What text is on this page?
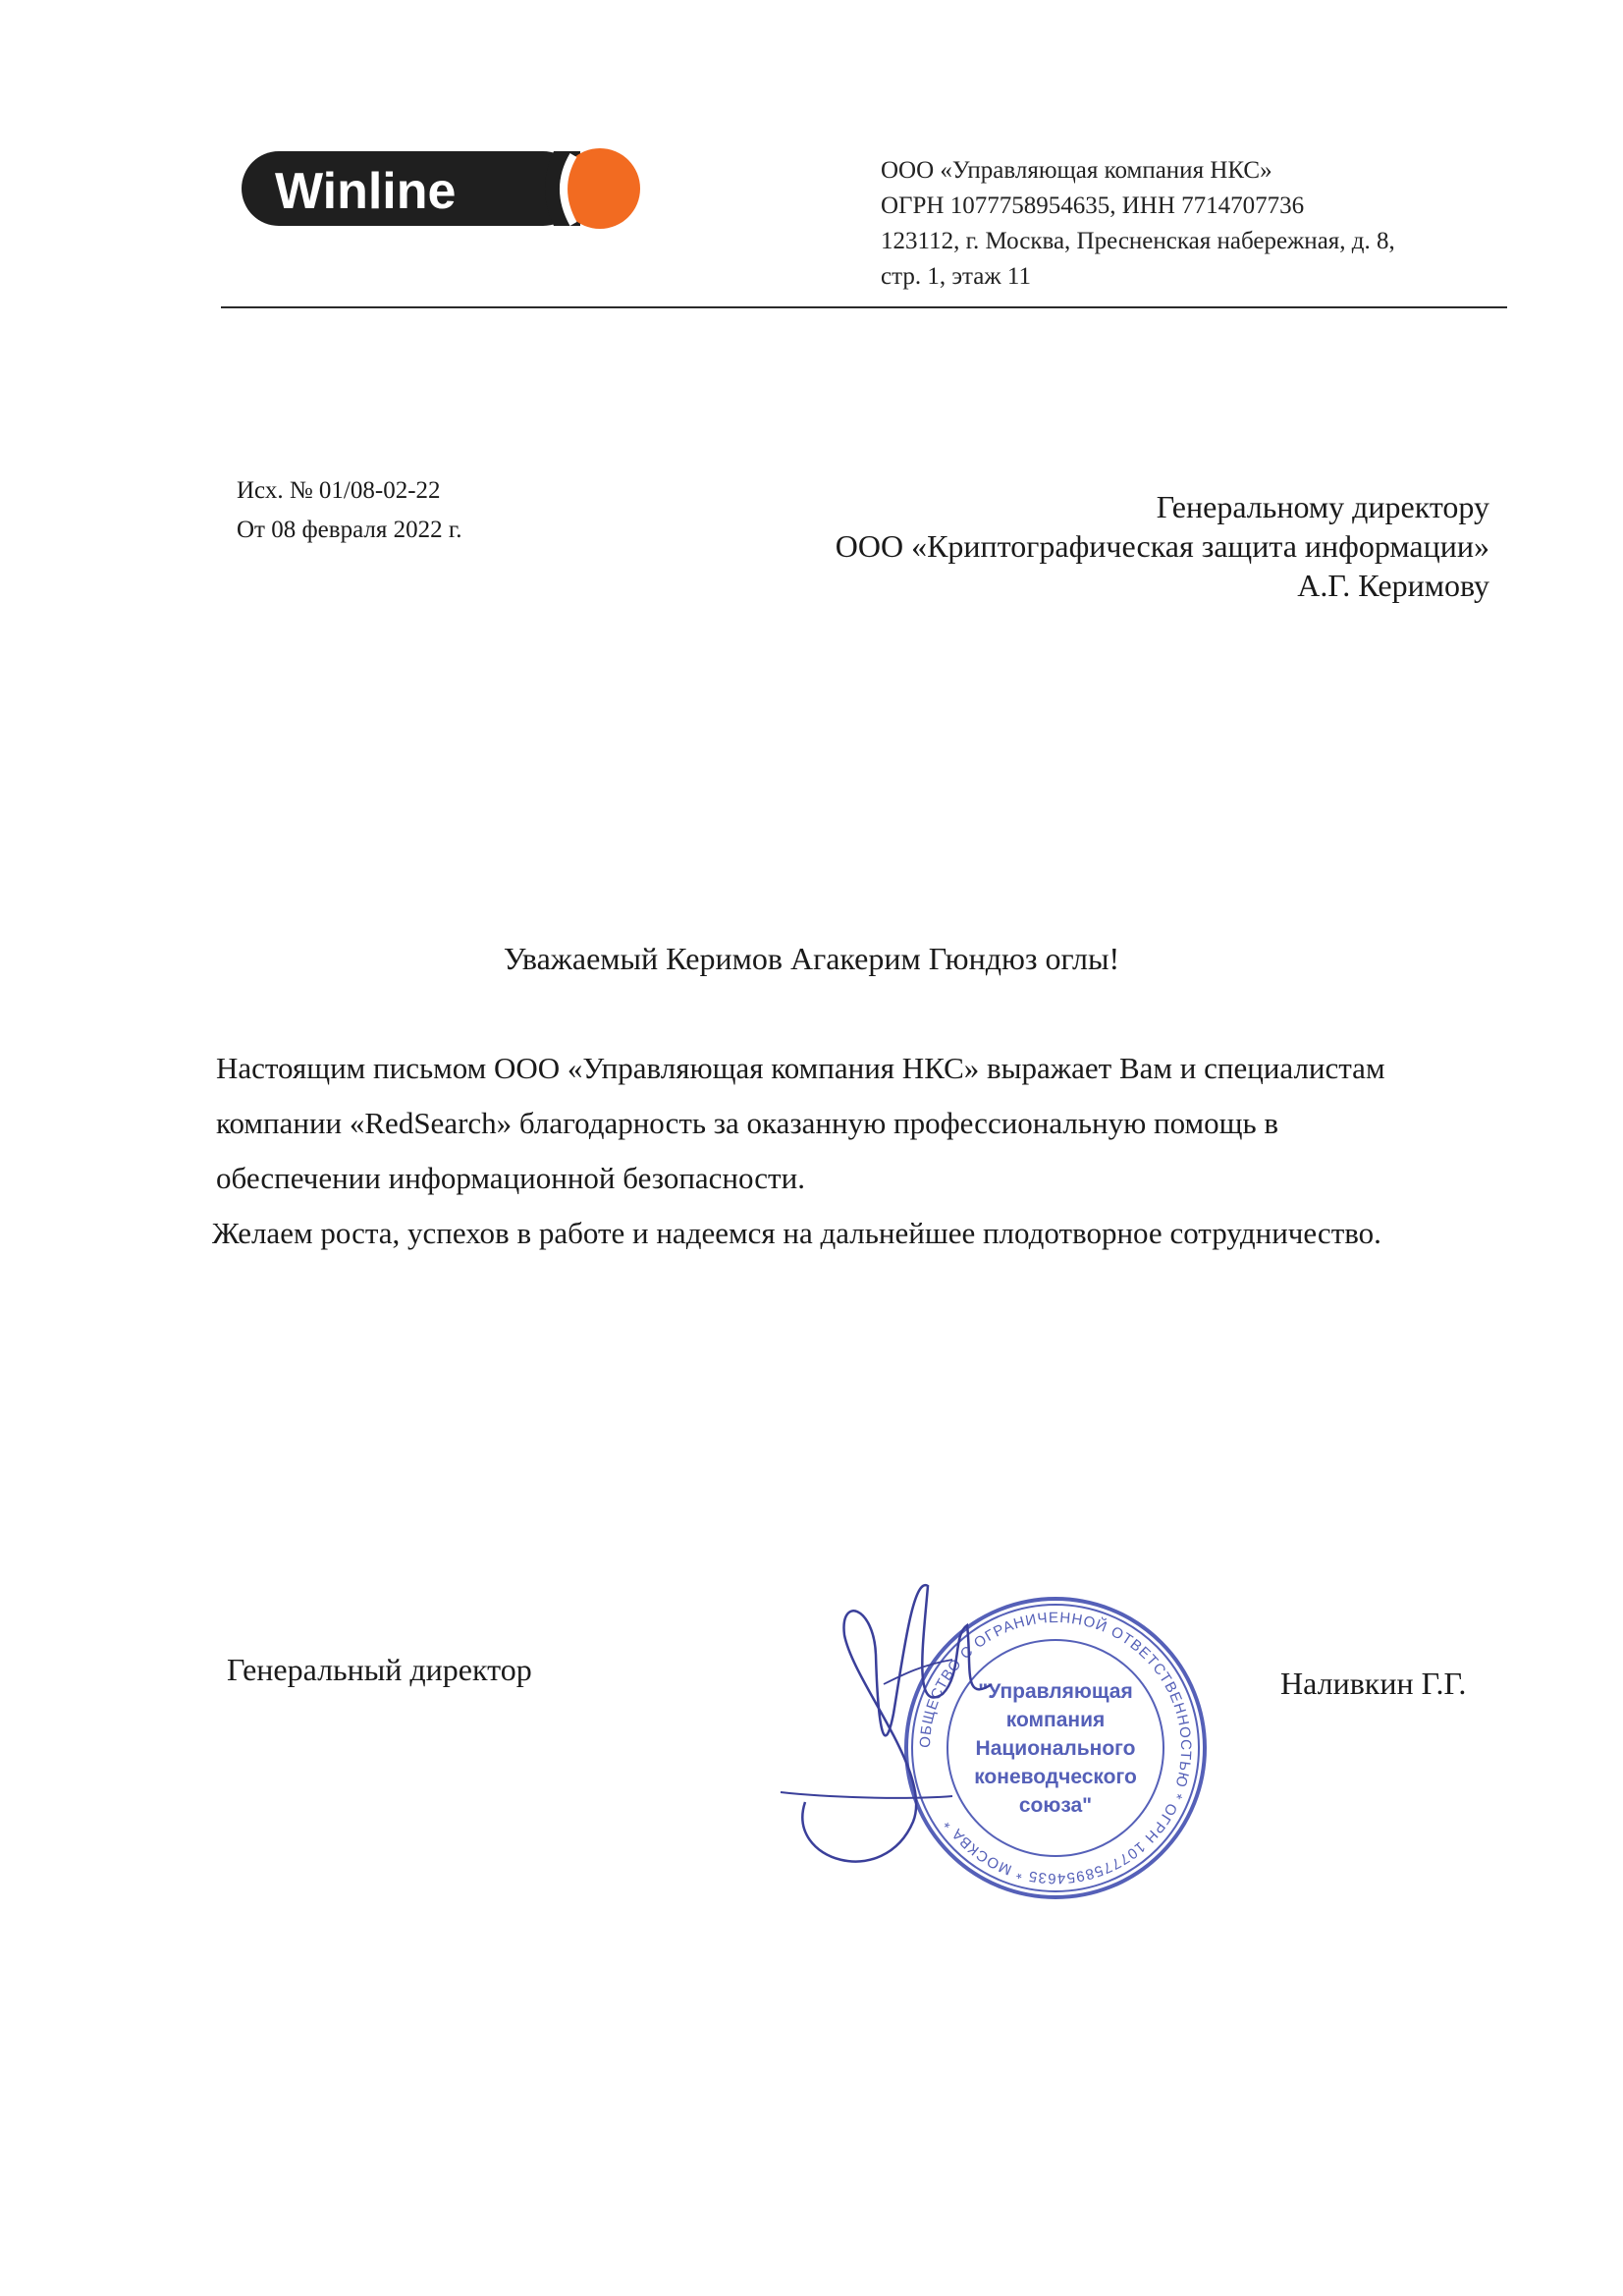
Winline	ООО «Управляющая компания НКС»
ОГРН 1077758954635, ИНН 7714707736
123112, г. Москва, Пресненская набережная, д. 8,
стр. 1, этаж 11
Исх. № 01/08-02-22
От 08 февраля 2022 г.
Генеральному директору
ООО «Криптографическая защита информации»
А.Г. Керимову
Уважаемый Керимов Агакерим Гюндюз оглы!
Настоящим письмом ООО «Управляющая компания НКС» выражает Вам и специалистам
компании «RedSearch» благодарность за оказанную профессиональную помощь в
обеспечении информационной безопасности.
Желаем роста, успехов в работе и надеемся на дальнейшее плодотворное сотрудничество.
Генеральный директор
ОБЩЕСТВО С ОГРАНИЧЕННОЙ ОТВЕТСТВЕННОСТЬЮ * ОГРН 1077758954635 * МОСКВА *
"Управляющая
компания
Национального
коневодческого
союза"
Наливкин Г.Г.
